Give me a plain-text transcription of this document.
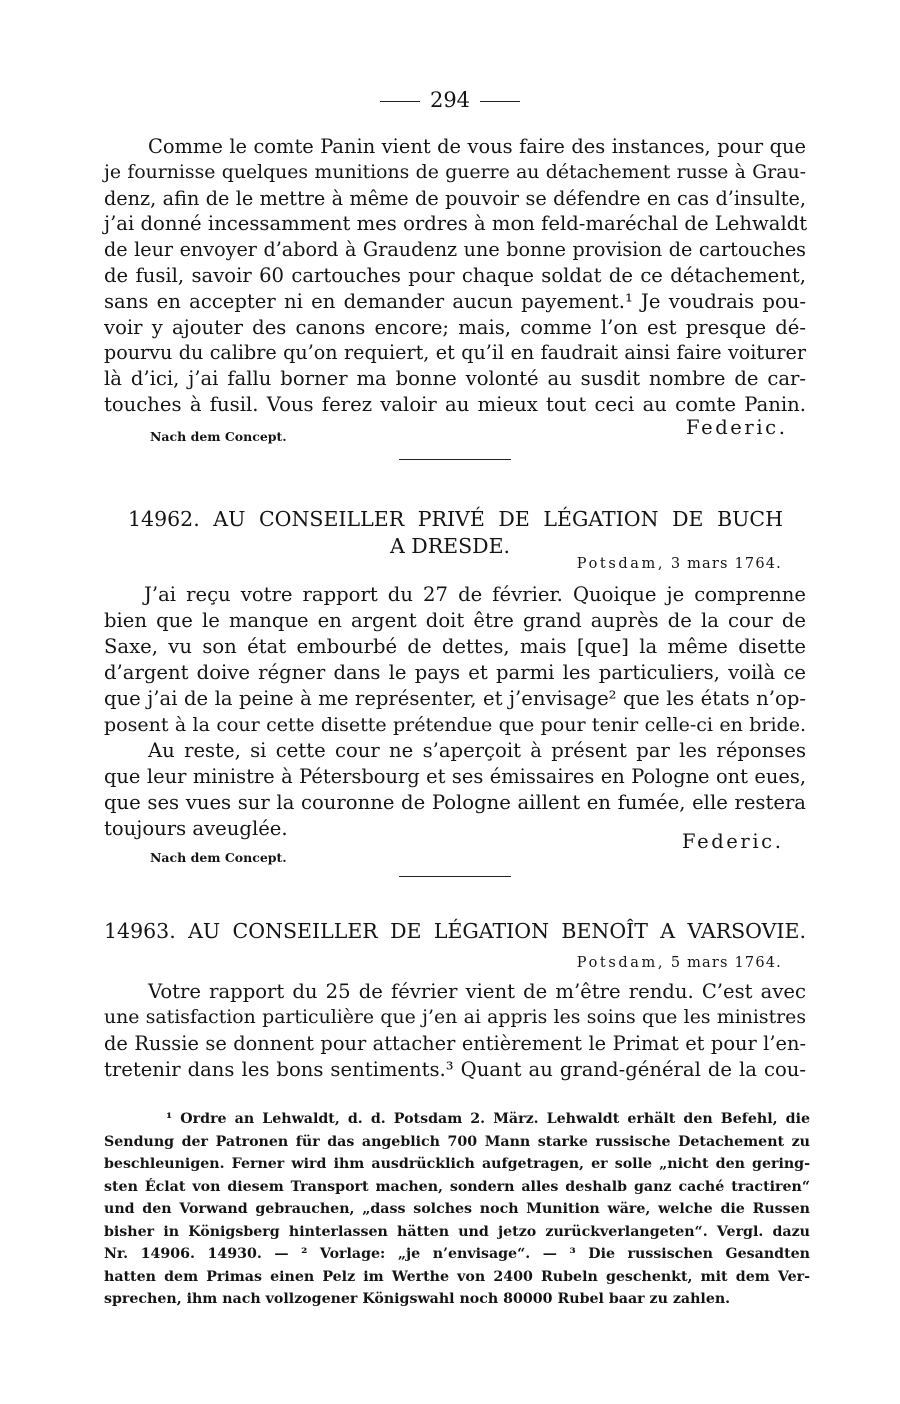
294
Comme le comte Panin vient de vous faire des instances, pour que
je fournisse quelques munitions de guerre au détachement russe à Grau-
denz, afin de le mettre à même de pouvoir se défendre en cas d’insulte,
j’ai donné incessamment mes ordres à mon feld-maréchal de Lehwaldt
de leur envoyer d’abord à Graudenz une bonne provision de cartouches
de fusil, savoir 60 cartouches pour chaque soldat de ce détachement,
sans en accepter ni en demander aucun payement.¹ Je voudrais pou-
voir y ajouter des canons encore; mais, comme l’on est presque dé-
pourvu du calibre qu’on requiert, et qu’il en faudrait ainsi faire voiturer
là d’ici, j’ai fallu borner ma bonne volonté au susdit nombre de car-
touches à fusil. Vous ferez valoir au mieux tout ceci au comte Panin.
Nach dem Concept.	Federic.
14962. AU CONSEILLER PRIVÉ DE LÉGATION DE BUCH
A DRESDE.
Potsdam, 3 mars 1764.
J’ai reçu votre rapport du 27 de février. Quoique je comprenne
bien que le manque en argent doit être grand auprès de la cour de
Saxe, vu son état embourbé de dettes, mais [que] la même disette
d’argent doive régner dans le pays et parmi les particuliers, voilà ce
que j’ai de la peine à me représenter, et j’envisage² que les états n’op-
posent à la cour cette disette prétendue que pour tenir celle-ci en bride.
Au reste, si cette cour ne s’aperçoit à présent par les réponses
que leur ministre à Pétersbourg et ses émissaires en Pologne ont eues,
que ses vues sur la couronne de Pologne aillent en fumée, elle restera
toujours aveuglée.
Federic.
Nach dem Concept.
14963. AU CONSEILLER DE LÉGATION BENOÎT A VARSOVIE.
Potsdam, 5 mars 1764.
Votre rapport du 25 de février vient de m’être rendu. C’est avec
une satisfaction particulière que j’en ai appris les soins que les ministres
de Russie se donnent pour attacher entièrement le Primat et pour l’en-
tretenir dans les bons sentiments.³ Quant au grand-général de la cou-
¹ Ordre an Lehwaldt, d. d. Potsdam 2. März. Lehwaldt erhält den Befehl, die
Sendung der Patronen für das angeblich 700 Mann starke russische Detachement zu
beschleunigen. Ferner wird ihm ausdrücklich aufgetragen, er solle „nicht den gering-
sten Éclat von diesem Transport machen, sondern alles deshalb ganz caché tractiren“
und den Vorwand gebrauchen, „dass solches noch Munition wäre, welche die Russen
bisher in Königsberg hinterlassen hätten und jetzo zurückverlangeten“. Vergl. dazu
Nr. 14906. 14930. — ² Vorlage: „je n’envisage“. — ³ Die russischen Gesandten
hatten dem Primas einen Pelz im Werthe von 2400 Rubeln geschenkt, mit dem Ver-
sprechen, ihm nach vollzogener Königswahl noch 80000 Rubel baar zu zahlen.
